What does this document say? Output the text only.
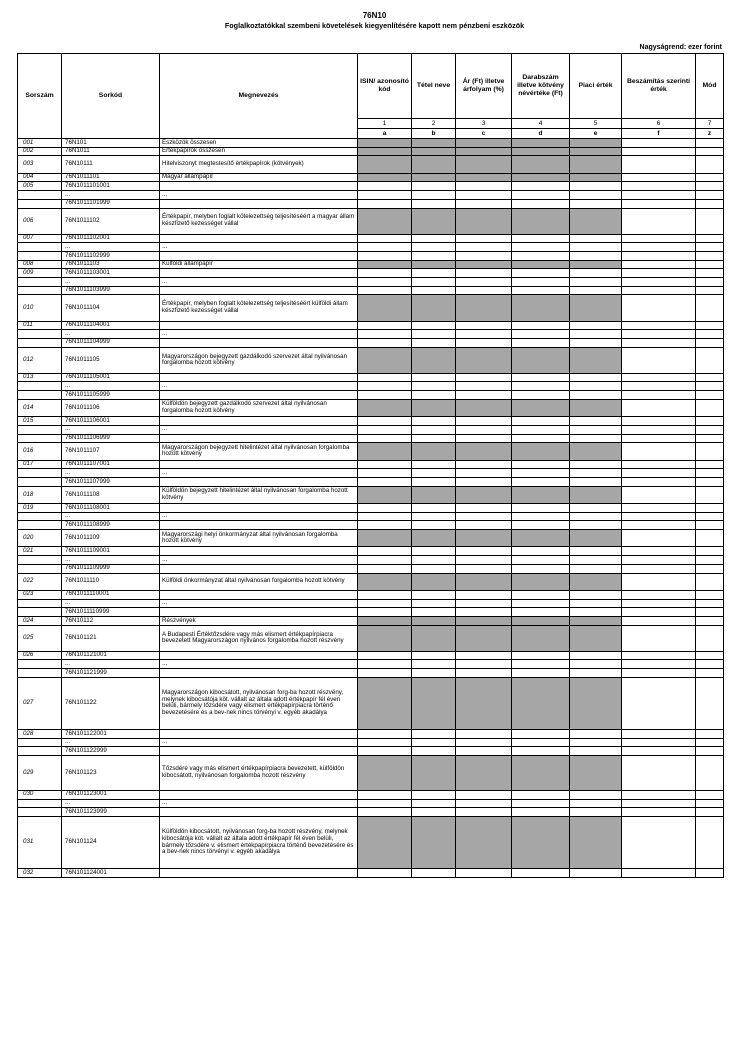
76N10
Foglalkoztatókkal szembeni követelések kiegyenlítésére kapott nem pénzbeni eszközök
Nagyságrend: ezer forint
Sorszám	Sorkód	Megnevezés	ISIN/ azonosító kód	Tétel neve	Ár (Ft) illetve árfolyam (%)	Darabszám illetve kötvény névértéke (Ft)	Piaci érték	Beszámítás szerinti érték	Mód
			1	2	3	4	5	6	7
			a	b	c	d	e	f	z
001	76N101	Eszközök összesen							
002	76N1011	Értékpapírok összesen							
003	76N10111	Hitelviszonyt megtestesítő értékpapírok (kötvények)							
004	76N1011101	Magyar állampapír							
005	76N1011101001								
	...	...							
	76N1011101999								
006	76N1011102	Értékpapír, melyben foglalt kötelezettség teljesítéséért a magyar állam készfizető kezességet vállal							
007	76N1011102001								
	...	...							
	76N1011102999								
008	76N1011103	Külföldi állampapír							
009	76N1011103001								
	...	...							
	76N1011103999								
010	76N1011104	Értékpapír, melyben foglalt kötelezettség teljesítéséért külföldi állam készfizető kezességet vállal							
011	76N1011104001								
	...	...							
	76N1011104999								
012	76N1011105	Magyarországon bejegyzett gazdálkodó szervezet által nyilvánosan forgalomba hozott kötvény							
013	76N1011105001								
	...	...							
	76N1011105999								
014	76N1011106	Külföldön bejegyzett gazdálkodó szervezet által nyilvánosan forgalomba hozott kötvény							
015	76N1011106001								
	...	...							
	76N1011106999								
016	76N1011107	Magyarországon bejegyzett hitelintézet által nyilvánosan forgalomba hozott kötvény							
017	76N1011107001								
	...	...							
	76N1011107999								
018	76N1011108	Külföldön bejegyzett hitelintézet által nyilvánosan forgalomba hozott kötvény							
019	76N1011108001								
	...	...							
	76N1011108999								
020	76N1011109	Magyarországi helyi önkormányzat által nyilvánosan forgalomba hozott kötvény							
021	76N1011109001								
	...	...							
	76N1011109999								
022	76N1011110	Külföldi önkormányzat által nyilvánosan forgalomba hozott kötvény							
023	76N1011110001								
	...	...							
	76N1011110999								
024	76N10112	Részvények							
025	76N101121	A Budapesti Értéktőzsdére vagy más elismert értékpapírpiacra bevezetett Magyarországon nyilvános forgalomba hozott részvény							
026	76N101121001								
	...	...							
	76N101121999								
027	76N101122	Magyarországon kibocsátott, nyilvánosan forg-ba hozott részvény, melynek kibocsátója köt. vállalt az általa adott értékpapír fél éven belüli, bármely tőzsdére vagy elismert értékpapírpiacra történő bevezetésére és a bev-nek nincs törvényi v. egyéb akadálya							
028	76N101122001								
	...	...							
	76N101122999								
029	76N101123	Tőzsdére vagy más elismert értékpapírpiacra bevezetett, külföldön kibocsátott, nyilvánosan forgalomba hozott részvény							
030	76N101123001								
	...	...							
	76N101123999								
031	76N101124	Külföldön kibocsátott, nyilvánosan forg-ba hozott részvény, melynek kibocsátója köt. vállalt az általa adott értékpapír fél éven belüli, bármely tőzsdére v. elismert értékpapírpiacra történő bevezetésére és a bev-nek nincs törvényi v. egyéb akadálya							
032	76N101124001								
